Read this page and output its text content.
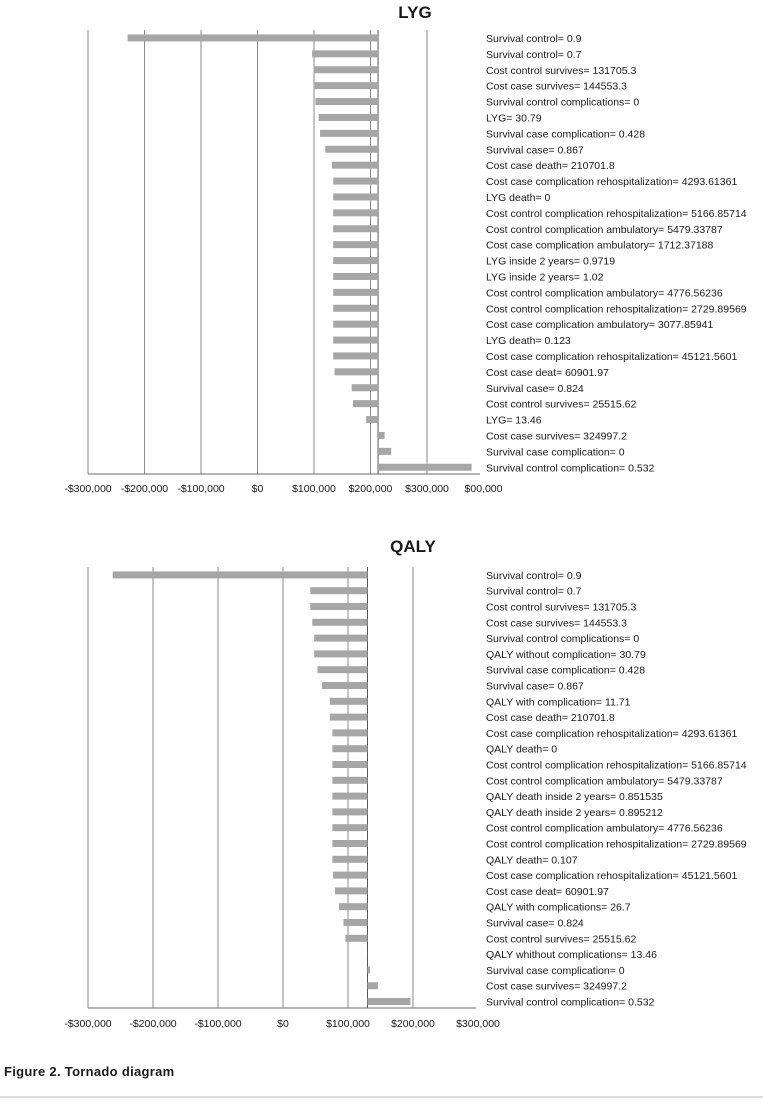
LYG
Survival control= 0.9
Survival control= 0.7
Cost control survives= 131705.3
Cost case survives= 144553.3
Survival control complications= 0
LYG= 30.79
Survival case complication= 0.428
Survival case= 0.867
Cost case death= 210701.8
Cost case complication rehospitalization= 4293.61361
LYG death= 0
Cost control complication rehospitalization= 5166.85714
Cost control complication ambulatory= 5479.33787
Cost case complication ambulatory= 1712.37188
LYG inside 2 years= 0.9719
LYG inside 2 years= 1.02
Cost control complication ambulatory= 4776.56236
Cost control complication rehospitalization= 2729.89569
Cost case complication ambulatory= 3077.85941
LYG death= 0.123
Cost case complication rehospitalization= 45121.5601
Cost case deat= 60901.97
Survival case= 0.824
Cost control survives= 25515.62
LYG= 13.46
Cost case survives= 324997.2
Survival case complication= 0
Survival control complication= 0.532
-$300,000 -$200,000 -$100,000	$0	$100,000 $200,000 $300,000 $00,000
QALY
Survival control= 0.9
Survival control= 0.7
Cost control survives= 131705.3
Cost case survives= 144553.3
Survival control complications= 0
QALY without complication= 30.79
Survival case complication= 0.428
Survival case= 0.867
QALY with complication= 11.71
Cost case death= 210701.8
Cost case complication rehospitalization= 4293.61361
QALY death= 0
Cost control complication rehospitalization= 5166.85714
Cost control complication ambulatory= 5479.33787
QALY death inside 2 years= 0.851535
QALY death inside 2 years= 0.895212
Cost control complication ambulatory= 4776.56236
Cost control complication rehospitalization= 2729.89569
QALY death= 0.107
Cost case complication rehospitalization= 45121.5601
Cost case deat= 60901.97
QALY with complications= 26.7
Survival case= 0.824
Cost control survives= 25515.62
QALY whithout complications= 13.46
Survival case complication= 0
Cost case survives= 324997.2
Survival control complication= 0.532
-$300,000 -$200,000 -$100,000	$0	$100,000 $200,000 $300,000
Figure 2. Tornado diagram
